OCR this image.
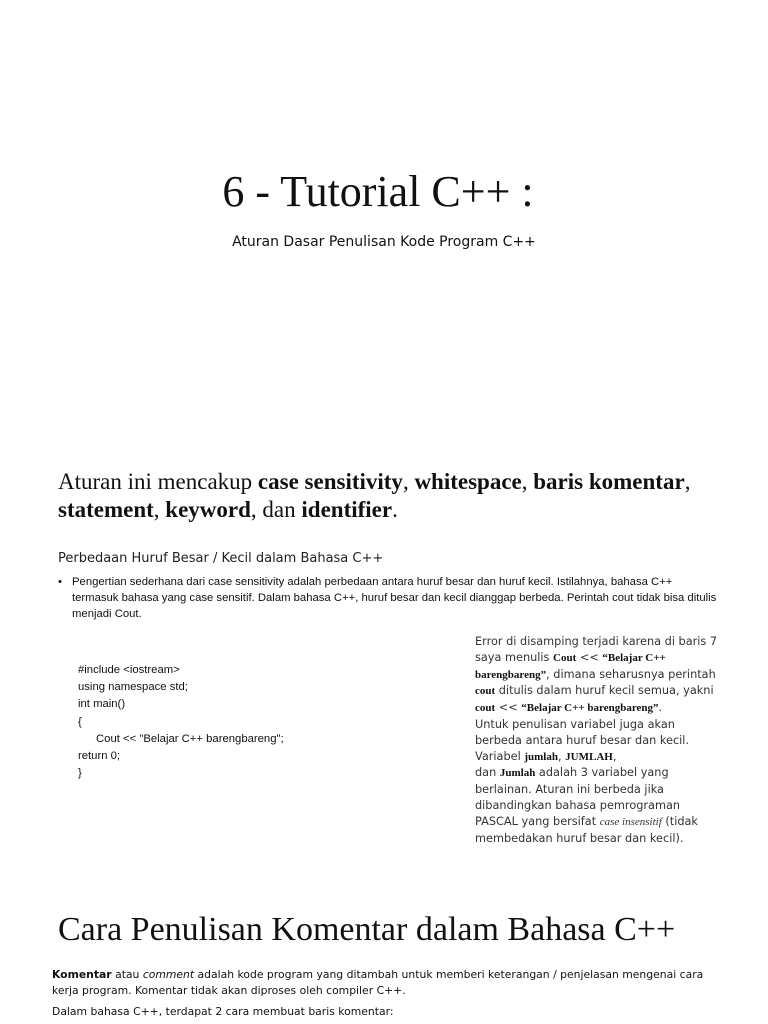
6 - Tutorial C++ :
Aturan Dasar Penulisan Kode Program C++
Aturan ini mencakup case sensitivity, whitespace, baris komentar, statement, keyword, dan identifier.
Perbedaan Huruf Besar / Kecil dalam Bahasa C++
• Pengertian sederhana dari case sensitivity adalah perbedaan antara huruf besar dan huruf kecil. Istilahnya, bahasa C++ termasuk bahasa yang case sensitif. Dalam bahasa C++, huruf besar dan kecil dianggap berbeda. Perintah cout tidak bisa ditulis menjadi Cout.
#include <iostream>
using namespace std;
int main()
{
Cout << "Belajar C++ barengbareng";
return 0;
}
Error di disamping terjadi karena di baris 7 saya menulis Cout << “Belajar C++ barengbareng”, dimana seharusnya perintah cout ditulis dalam huruf kecil semua, yakni cout << “Belajar C++ barengbareng”.
Untuk penulisan variabel juga akan berbeda antara huruf besar dan kecil. Variabel jumlah, JUMLAH,
dan Jumlah adalah 3 variabel yang berlainan. Aturan ini berbeda jika dibandingkan bahasa pemrograman PASCAL yang bersifat case insensitif (tidak membedakan huruf besar dan kecil).
Cara Penulisan Komentar dalam Bahasa C++
Komentar atau comment adalah kode program yang ditambah untuk memberi keterangan / penjelasan mengenai cara kerja program. Komentar tidak akan diproses oleh compiler C++.
Dalam bahasa C++, terdapat 2 cara membuat baris komentar:
